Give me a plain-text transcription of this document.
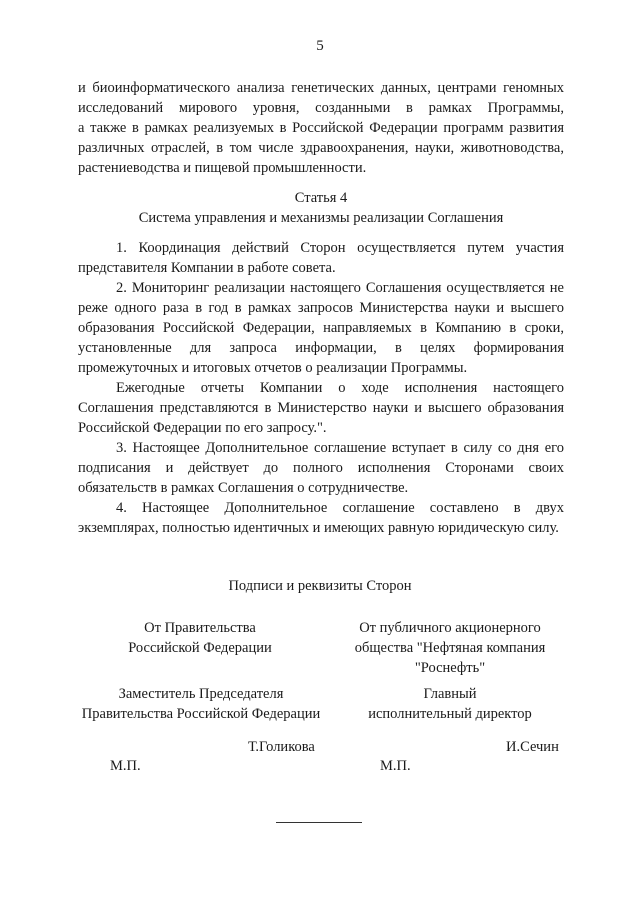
5

и биоинформатического анализа генетических данных, центрами геномных

исследований мирового уровня, созданными в рамках Программы,

а также в рамках реализуемых в Российской Федерации программ развития

различных отраслей, в том числе здравоохранения, науки, животноводства,

растениеводства и пищевой промышленности.

Статья 4
Система управления и механизмы реализации Соглашения

1. Координация действий Сторон осуществляется путем участия представителя Компании в работе совета.

2. Мониторинг реализации настоящего Соглашения осуществляется не реже одного раза в год в рамках запросов Министерства науки и высшего образования Российской Федерации, направляемых в Компанию в сроки, установленные для запроса информации, в целях формирования промежуточных и итоговых отчетов о реализации Программы.

Ежегодные отчеты Компании о ходе исполнения настоящего Соглашения представляются в Министерство науки и высшего образования Российской Федерации по его запросу.".

3. Настоящее Дополнительное соглашение вступает в силу со дня его подписания и действует до полного исполнения Сторонами своих обязательств в рамках Соглашения о сотрудничестве.

4. Настоящее Дополнительное соглашение составлено в двух экземплярах, полностью идентичных и имеющих равную юридическую силу.

Подписи и реквизиты Сторон
От Правительства
Российской Федерации
От публичного акционерного
общества "Нефтяная компания
"Роснефть"
Заместитель Председателя
Правительства Российской Федерации
Главный
исполнительный директор
Т.Голикова	И.Сечин
М.П.	М.П.
